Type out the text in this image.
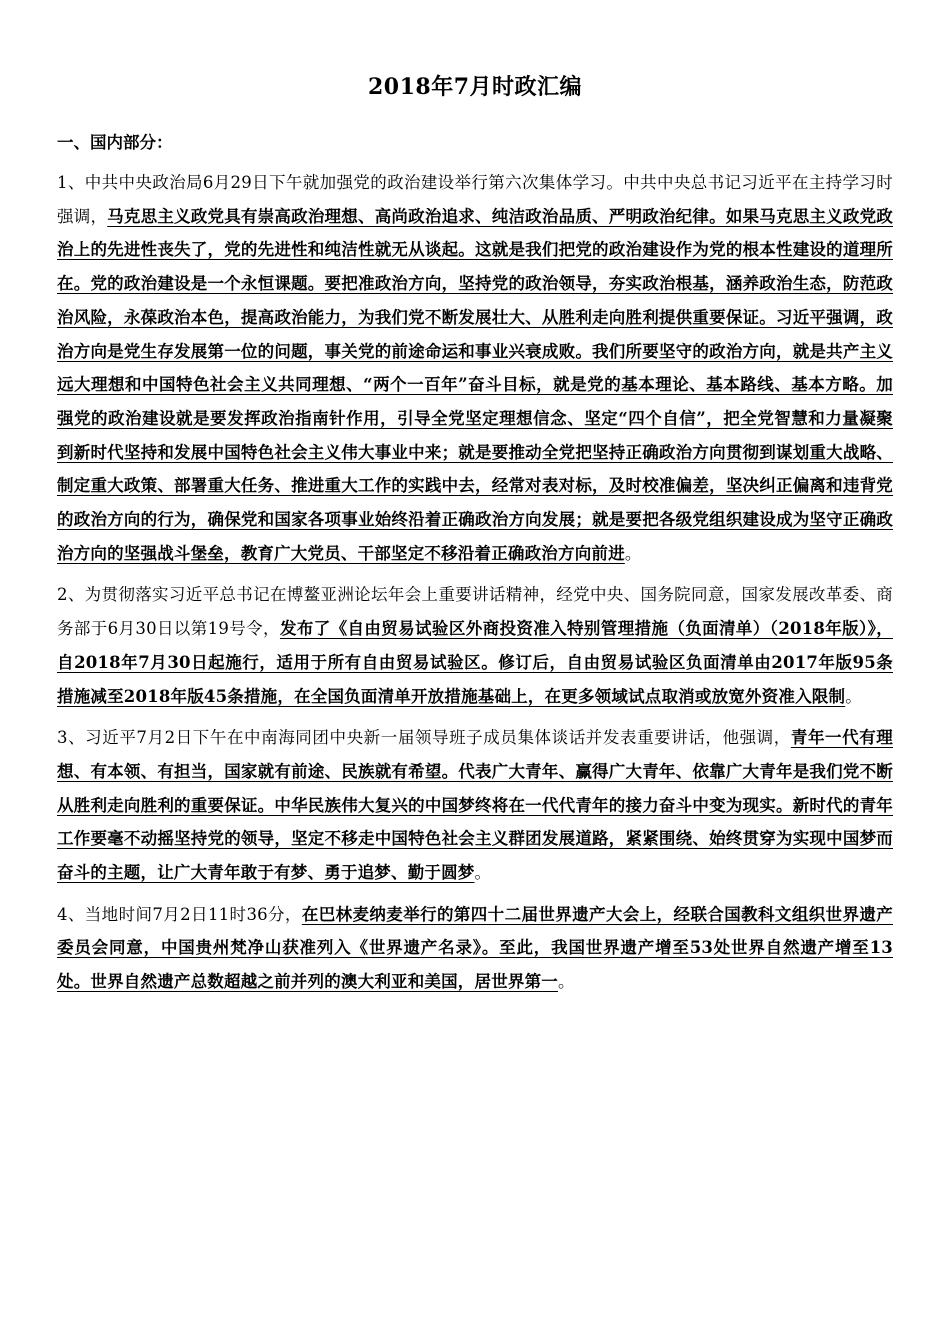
2018年7月时政汇编
一、国内部分：

1、中共中央政治局6月29日下午就加强党的政治建设举行第六次集体学习。中共中央总书记习近平在主持学习时强调，马克思主义政党具有崇高政治理想、高尚政治追求、纯洁政治品质、严明政治纪律。如果马克思主义政党政治上的先进性丧失了，党的先进性和纯洁性就无从谈起。这就是我们把党的政治建设作为党的根本性建设的道理所在。党的政治建设是一个永恒课题。要把准政治方向，坚持党的政治领导，夯实政治根基，涵养政治生态，防范政治风险，永葆政治本色，提高政治能力，为我们党不断发展壮大、从胜利走向胜利提供重要保证。习近平强调，政治方向是党生存发展第一位的问题，事关党的前途命运和事业兴衰成败。我们所要坚守的政治方向，就是共产主义远大理想和中国特色社会主义共同理想、“两个一百年”奋斗目标，就是党的基本理论、基本路线、基本方略。加强党的政治建设就是要发挥政治指南针作用，引导全党坚定理想信念、坚定“四个自信”，把全党智慧和力量凝聚到新时代坚持和发展中国特色社会主义伟大事业中来；就是要推动全党把坚持正确政治方向贯彻到谋划重大战略、制定重大政策、部署重大任务、推进重大工作的实践中去，经常对表对标，及时校准偏差，坚决纠正偏离和违背党的政治方向的行为，确保党和国家各项事业始终沿着正确政治方向发展；就是要把各级党组织建设成为坚守正确政治方向的坚强战斗堡垒，教育广大党员、干部坚定不移沿着正确政治方向前进。

2、为贯彻落实习近平总书记在博鳌亚洲论坛年会上重要讲话精神，经党中央、国务院同意，国家发展改革委、商务部于6月30日以第19号令，发布了《自由贸易试验区外商投资准入特别管理措施（负面清单）（2018年版）》，自2018年7月30日起施行，适用于所有自由贸易试验区。修订后，自由贸易试验区负面清单由2017年版95条措施减至2018年版45条措施，在全国负面清单开放措施基础上，在更多领域试点取消或放宽外资准入限制。

3、习近平7月2日下午在中南海同团中央新一届领导班子成员集体谈话并发表重要讲话，他强调，青年一代有理想、有本领、有担当，国家就有前途、民族就有希望。代表广大青年、赢得广大青年、依靠广大青年是我们党不断从胜利走向胜利的重要保证。中华民族伟大复兴的中国梦终将在一代代青年的接力奋斗中变为现实。新时代的青年工作要毫不动摇坚持党的领导，坚定不移走中国特色社会主义群团发展道路，紧紧围绕、始终贯穿为实现中国梦而奋斗的主题，让广大青年敢于有梦、勇于追梦、勤于圆梦。

4、当地时间7月2日11时36分，在巴林麦纳麦举行的第四十二届世界遗产大会上，经联合国教科文组织世界遗产委员会同意，中国贵州梵净山获准列入《世界遗产名录》。至此，我国世界遗产增至53处世界自然遗产增至13处。世界自然遗产总数超越之前并列的澳大利亚和美国，居世界第一。
